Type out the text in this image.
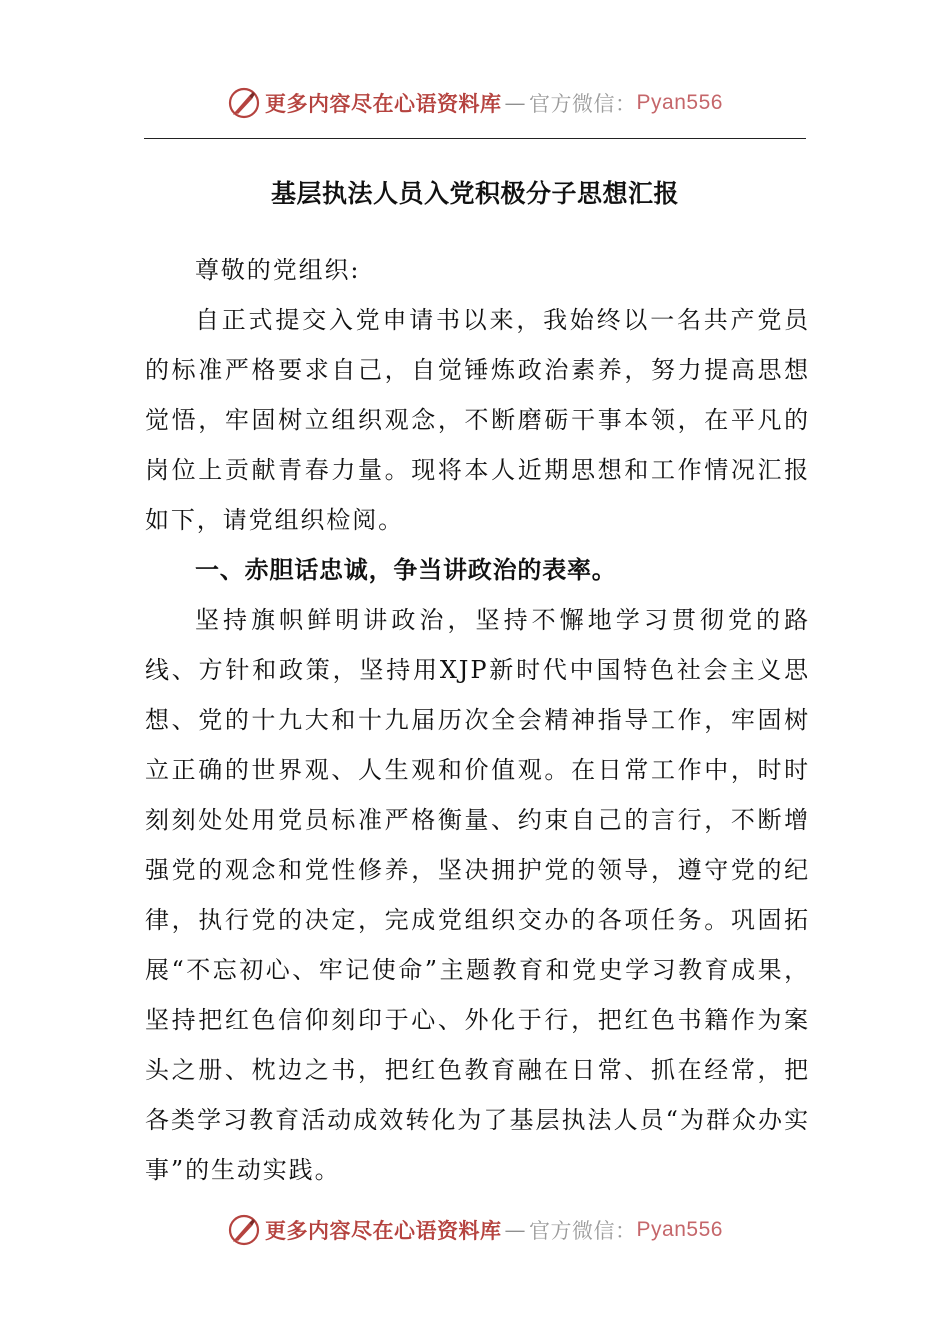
更多内容尽在心语资料库 — 官方微信： Pyan556
基层执法人员入党积极分子思想汇报

尊敬的党组织:

自正式提交入党申请书以来，我始终以一名共产党员的标准严格要求自己，自觉锤炼政治素养，努力提高思想觉悟，牢固树立组织观念，不断磨砺干事本领，在平凡的岗位上贡献青春力量。现将本人近期思想和工作情况汇报如下，请党组织检阅。

一、赤胆话忠诚，争当讲政治的表率。

坚持旗帜鲜明讲政治，坚持不懈地学习贯彻党的路线、方针和政策，坚持用XJP新时代中国特色社会主义思想、党的十九大和十九届历次全会精神指导工作，牢固树立正确的世界观、人生观和价值观。在日常工作中，时时刻刻处处用党员标准严格衡量、约束自己的言行，不断增强党的观念和党性修养，坚决拥护党的领导，遵守党的纪律，执行党的决定，完成党组织交办的各项任务。巩固拓展“不忘初心、牢记使命”主题教育和党史学习教育成果，坚持把红色信仰刻印于心、外化于行，把红色书籍作为案头之册、枕边之书，把红色教育融在日常、抓在经常，把各类学习教育活动成效转化为了基层执法人员“为群众办实事”的生动实践。

更多内容尽在心语资料库 — 官方微信： Pyan556
